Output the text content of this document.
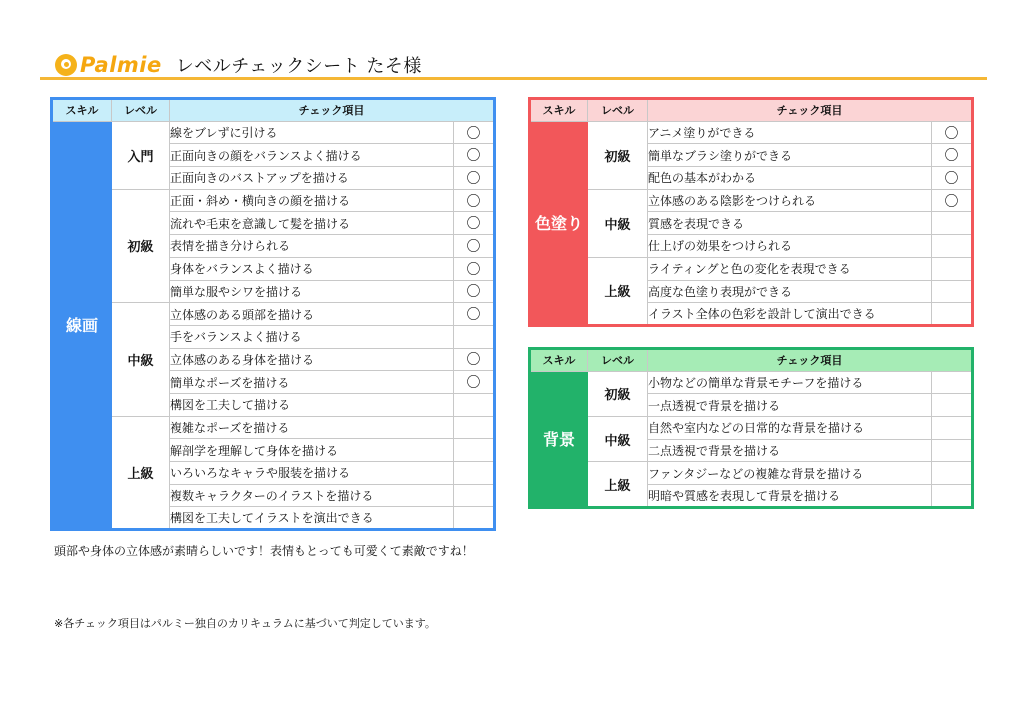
Palmie レベルチェックシート たそ様
スキル	レベル	チェック項目	
線画	入門	線をブレずに引ける	〇
		正面向きの顔をバランスよく描ける	〇
		正面向きのバストアップを描ける	〇
	初級	正面・斜め・横向きの顔を描ける	〇
		流れや毛束を意識して髪を描ける	〇
		表情を描き分けられる	〇
		身体をバランスよく描ける	〇
		簡単な服やシワを描ける	〇
	中級	立体感のある頭部を描ける	〇
		手をバランスよく描ける	
		立体感のある身体を描ける	〇
		簡単なポーズを描ける	〇
		構図を工夫して描ける	
	上級	複雑なポーズを描ける	
		解剖学を理解して身体を描ける	
		いろいろなキャラや服装を描ける	
		複数キャラクターのイラストを描ける	
		構図を工夫してイラストを演出できる	
スキル	レベル	チェック項目	
色塗り	初級	アニメ塗りができる	〇
		簡単なブラシ塗りができる	〇
		配色の基本がわかる	〇
	中級	立体感のある陰影をつけられる	〇
		質感を表現できる	
		仕上げの効果をつけられる	
	上級	ライティングと色の変化を表現できる	
		高度な色塗り表現ができる	
		イラスト全体の色彩を設計して演出できる	
スキル	レベル	チェック項目	
背景	初級	小物などの簡単な背景モチーフを描ける	
		一点透視で背景を描ける	
	中級	自然や室内などの日常的な背景を描ける	
		二点透視で背景を描ける	
	上級	ファンタジーなどの複雑な背景を描ける	
		明暗や質感を表現して背景を描ける	
頭部や身体の立体感が素晴らしいです！表情もとっても可愛くて素敵ですね！
※各チェック項目はパルミー独自のカリキュラムに基づいて判定しています。
